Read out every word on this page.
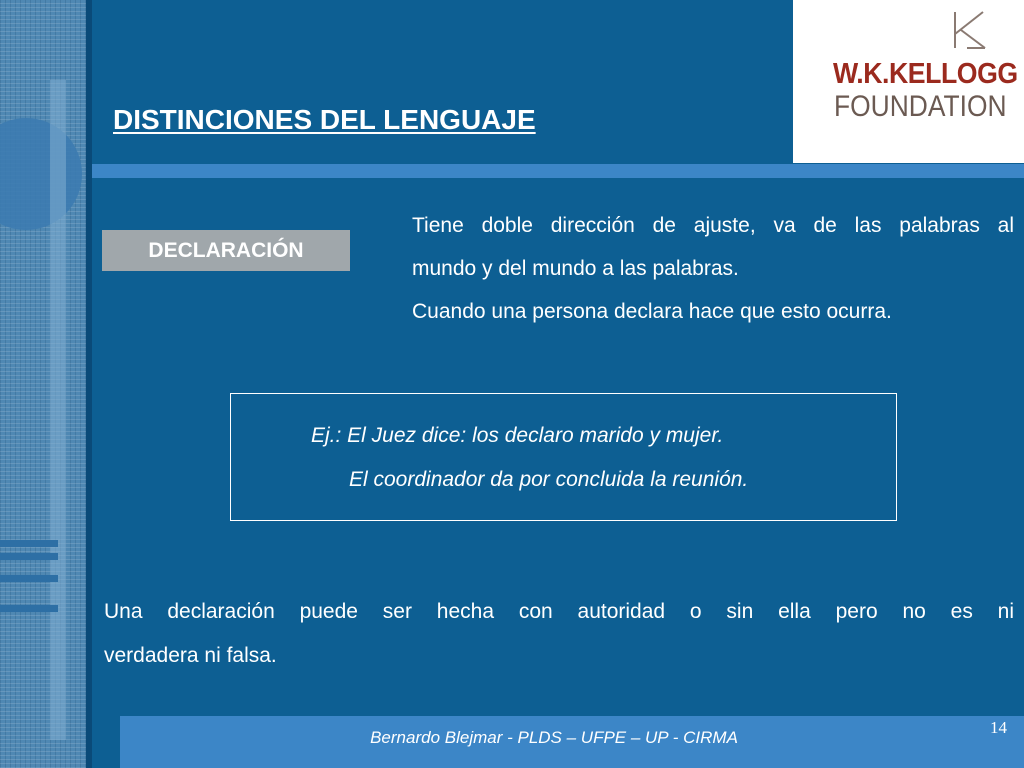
W.K.KELLOGG
FOUNDATION
DISTINCIONES DEL LENGUAJE
DECLARACIÓN
Tiene doble dirección de ajuste, va de las palabras al
mundo y del mundo a las palabras.
Cuando una persona declara hace que esto ocurra.
Ej.: El Juez dice: los declaro marido y mujer.
El coordinador da por concluida la reunión.
Una declaración puede ser hecha con autoridad o sin ella pero no es ni
verdadera ni falsa.
Bernardo Blejmar - PLDS – UFPE – UP - CIRMA
14
